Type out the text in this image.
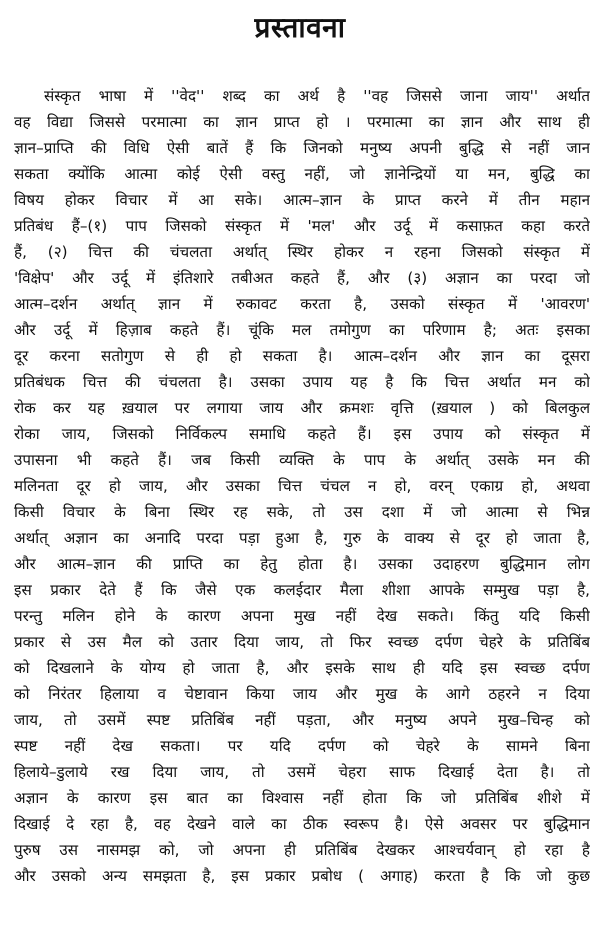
प्रस्तावना
संस्कृत भाषा में ''वेद'' शब्द का अर्थ है ''वह जिससे जाना जाय'' अर्थात
वह विद्या जिससे परमात्मा का ज्ञान प्राप्त हो । परमात्मा का ज्ञान और साथ ही
ज्ञान–प्राप्ति की विधि ऐसी बातें हैं कि जिनको मनुष्य अपनी बुद्धि से नहीं जान
सकता क्योंकि आत्मा कोई ऐसी वस्तु नहीं, जो ज्ञानेन्द्रियों या मन, बुद्धि का
विषय होकर विचार में आ सके। आत्म–ज्ञान के प्राप्त करने में तीन महान
प्रतिबंध हैं–(१) पाप जिसको संस्कृत में 'मल' और उर्दू में कसाफ़त कहा करते
हैं, (२) चित्त की चंचलता अर्थात् स्थिर होकर न रहना जिसको संस्कृत में
'विक्षेप' और उर्दू में इंतिशारे तबीअत कहते हैं, और (३) अज्ञान का परदा जो
आत्म–दर्शन अर्थात् ज्ञान में रुकावट करता है, उसको संस्कृत में 'आवरण'
और उर्दू में हिज़ाब कहते हैं। चूंकि मल तमोगुण का परिणाम है; अतः इसका
दूर करना सतोगुण से ही हो सकता है। आत्म–दर्शन और ज्ञान का दूसरा
प्रतिबंधक चित्त की चंचलता है। उसका उपाय यह है कि चित्त अर्थात मन को
रोक कर यह ख़याल पर लगाया जाय और क्रमशः वृत्ति (ख़याल ) को बिलकुल
रोका जाय, जिसको निर्विकल्प समाधि कहते हैं। इस उपाय को संस्कृत में
उपासना भी कहते हैं। जब किसी व्यक्ति के पाप के अर्थात् उसके मन की
मलिनता दूर हो जाय, और उसका चित्त चंचल न हो, वरन् एकाग्र हो, अथवा
किसी विचार के बिना स्थिर रह सके, तो उस दशा में जो आत्मा से भिन्न
अर्थात् अज्ञान का अनादि परदा पड़ा हुआ है, गुरु के वाक्य से दूर हो जाता है,
और आत्म–ज्ञान की प्राप्ति का हेतु होता है। उसका उदाहरण बुद्धिमान लोग
इस प्रकार देते हैं कि जैसे एक कलईदार मैला शीशा आपके सम्मुख पड़ा है,
परन्तु मलिन होने के कारण अपना मुख नहीं देख सकते। किंतु यदि किसी
प्रकार से उस मैल को उतार दिया जाय, तो फिर स्वच्छ दर्पण चेहरे के प्रतिबिंब
को दिखलाने के योग्य हो जाता है, और इसके साथ ही यदि इस स्वच्छ दर्पण
को निरंतर हिलाया व चेष्टावान किया जाय और मुख के आगे ठहरने न दिया
जाय, तो उसमें स्पष्ट प्रतिबिंब नहीं पड़ता, और मनुष्य अपने मुख–चिन्ह को
स्पष्ट नहीं देख सकता। पर यदि दर्पण को चेहरे के सामने बिना
हिलाये–डुलाये रख दिया जाय, तो उसमें चेहरा साफ दिखाई देता है। तो
अज्ञान के कारण इस बात का विश्वास नहीं होता कि जो प्रतिबिंब शीशे में
दिखाई दे रहा है, वह देखने वाले का ठीक स्वरूप है। ऐसे अवसर पर बुद्धिमान
पुरुष उस नासमझ को, जो अपना ही प्रतिबिंब देखकर आश्चर्यवान् हो रहा है
और उसको अन्य समझता है, इस प्रकार प्रबोध ( अगाह) करता है कि जो कुछ
